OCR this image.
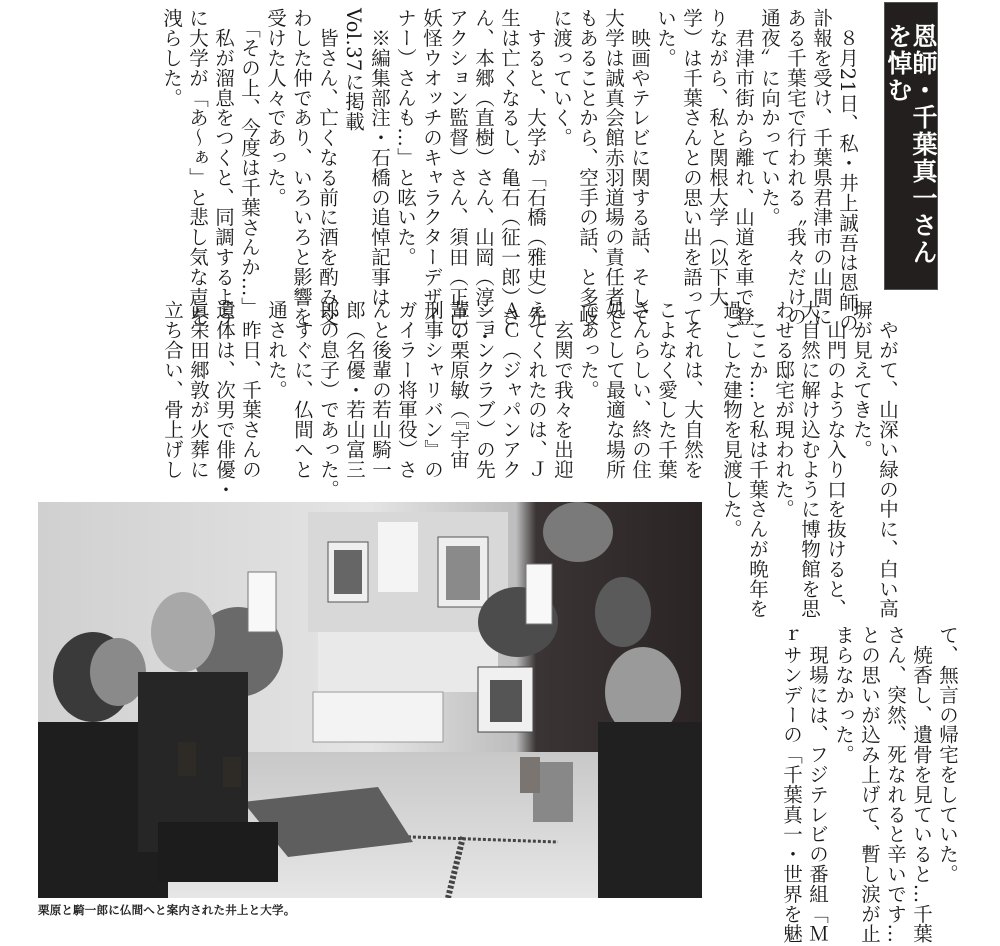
恩師・千葉真一さんを悼む
　８月21日、私・井上誠吾は恩師の
訃報を受け、千葉県君津市の山間に
ある千葉宅で行われる〝我々だけの
通夜〟に向かっていた。
　君津市街から離れ、山道を車で登
りながら、私と関根大学（以下大
学）は千葉さんとの思い出を語って
いた。
　映画やテレビに関する話、そして
大学は誠真会館赤羽道場の責任者で
もあることから、空手の話、と多岐
に渡っていく。
　すると、大学が「石橋（雅史）先
生は亡くなるし、亀石（征一郎）さ
ん、本郷（直樹）さん、山岡（淳二・
アクション監督）さん、須田（正己・
妖怪ウオッチのキャラクターデザイ
ナー）さんも…」と呟いた。
　※編集部注・石橋の追悼記事は
Vol.37に掲載
　皆さん、亡くなる前に酒を酌み交
わした仲であり、いろいろと影響を
受けた人々であった。
　「その上、今度は千葉さんか…」
　私が溜息をつくと、同調するよう
に大学が「あ〜ぁ」と悲し気な声を
洩らした。
　やがて、山深い緑の中に、白い高
塀が見えてきた。
　山門のような入り口を抜けると、
大自然に解け込むように博物館を思
わせる邸宅が現われた。
　ここか…と私は千葉さんが晩年を
過ごした建物を見渡した。
て、無言の帰宅をしていた。
　焼香し、遺骨を見ていると…千葉
さん、突然、死なれると辛いです…
との思いが込み上げて、暫し涙が止
まらなかった。
　現場には、フジテレビの番組「Ｍ
ｒサンデーの「千葉真一・世界を魅
　それは、大自然を
こよなく愛した千葉
さんらしい、終の住
処として最適な場所
であった。
　玄関で我々を出迎
えてくれたのは、Ｊ
ＡＣ（ジャパンアク
ションクラブ）の先
輩の栗原敏（『宇宙
刑事シャリバン』の
ガイラー将軍役）さ
んと後輩の若山騎一
郎（名優・若山富三
郎の息子）であった。
　すぐに、仏間へと
通された。
　昨日、千葉さんの
遺体は、次男で俳優・
眞栄田郷敦が火葬に
立ち合い、骨上げし
栗原と騎一郎に仏間へと案内された井上と大学。
